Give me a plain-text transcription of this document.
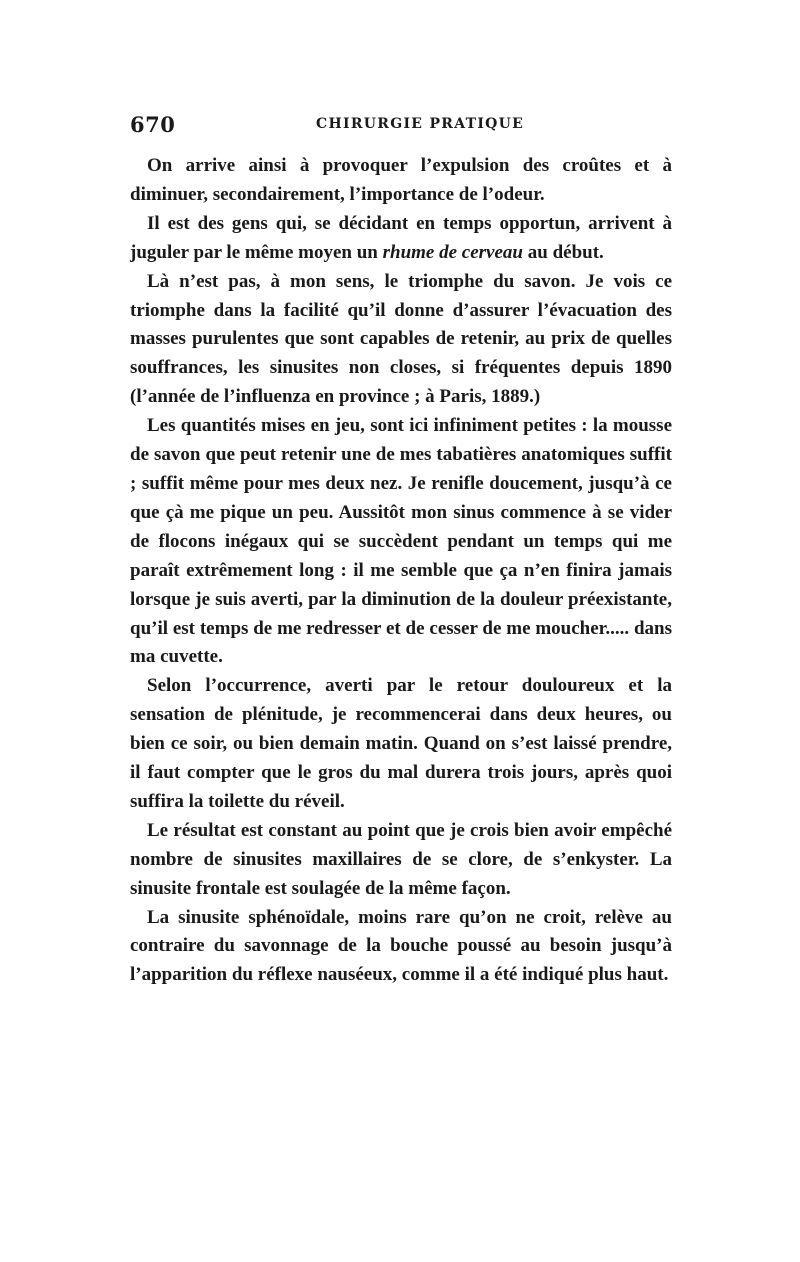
670	CHIRURGIE PRATIQUE

On arrive ainsi à provoquer l’expulsion des croûtes et à diminuer, secondairement, l’importance de l’odeur.

Il est des gens qui, se décidant en temps opportun, arrivent à juguler par le même moyen un rhume de cerveau au début.

Là n’est pas, à mon sens, le triomphe du savon. Je vois ce triomphe dans la facilité qu’il donne d’assurer l’évacuation des masses purulentes que sont capables de retenir, au prix de quelles souffrances, les sinusites non closes, si fréquentes depuis 1890 (l’année de l’influenza en province ; à Paris, 1889.)

Les quantités mises en jeu, sont ici infiniment petites : la mousse de savon que peut retenir une de mes tabatières anatomiques suffit ; suffit même pour mes deux nez. Je renifle doucement, jusqu’à ce que çà me pique un peu. Aussitôt mon sinus commence à se vider de flocons inégaux qui se succèdent pendant un temps qui me paraît extrêmement long : il me semble que ça n’en finira jamais lorsque je suis averti, par la diminution de la douleur préexistante, qu’il est temps de me redresser et de cesser de me moucher..... dans ma cuvette.

Selon l’occurrence, averti par le retour douloureux et la sensation de plénitude, je recommencerai dans deux heures, ou bien ce soir, ou bien demain matin. Quand on s’est laissé prendre, il faut compter que le gros du mal durera trois jours, après quoi suffira la toilette du réveil.

Le résultat est constant au point que je crois bien avoir empêché nombre de sinusites maxillaires de se clore, de s’enkyster. La sinusite frontale est soulagée de la même façon.

La sinusite sphénoïdale, moins rare qu’on ne croit, relève au contraire du savonnage de la bouche poussé au besoin jusqu’à l’apparition du réflexe nauséeux, comme il a été indiqué plus haut.
